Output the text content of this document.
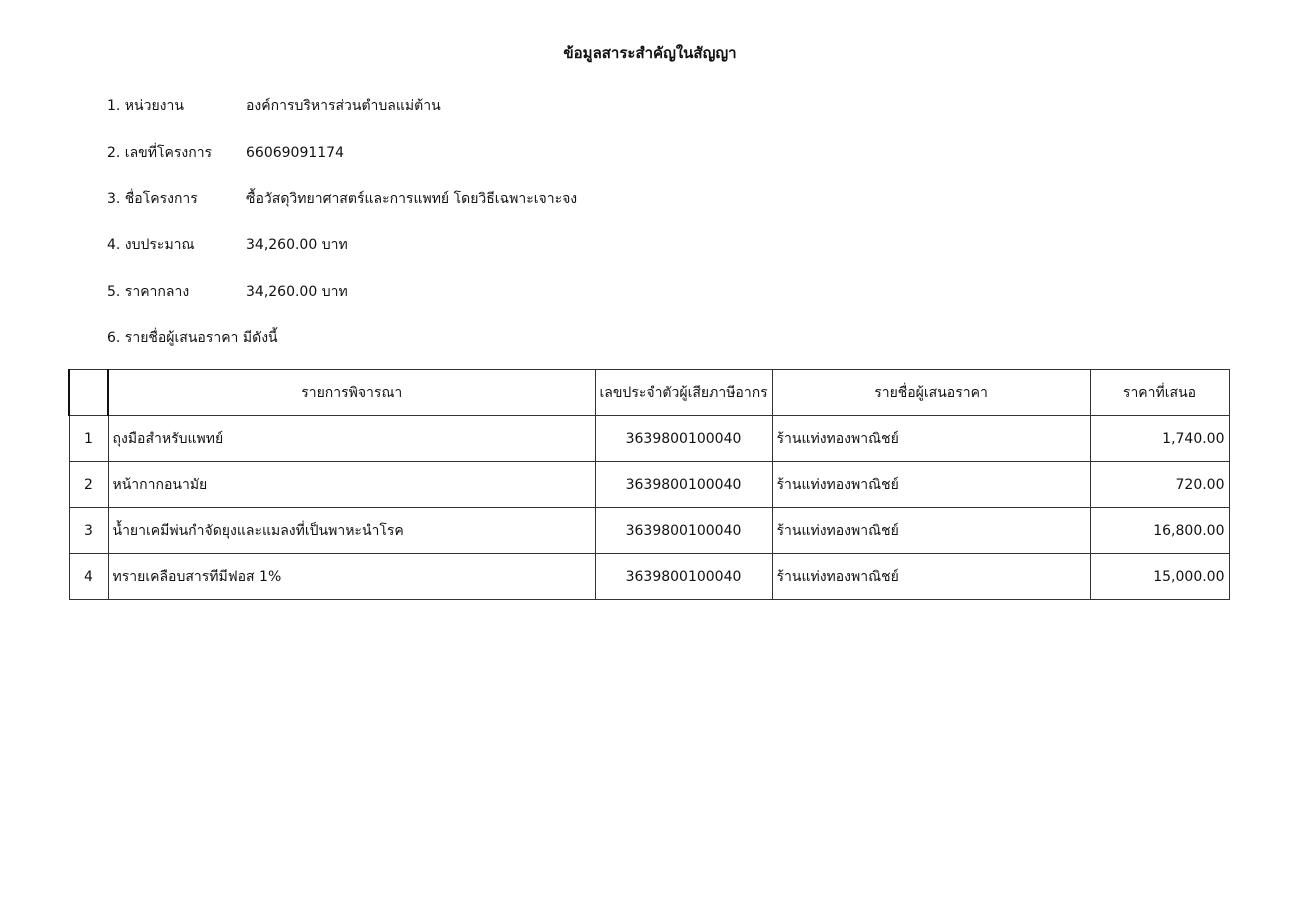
ข้อมูลสาระสำคัญในสัญญา
1. หน่วยงาน	องค์การบริหารส่วนตำบลแม่ต้าน
2. เลขที่โครงการ 66069091174
3. ชื่อโครงการ	ซื้อวัสดุวิทยาศาสตร์และการแพทย์ โดยวิธีเฉพาะเจาะจง
4. งบประมาณ	34,260.00 บาท
5. ราคากลาง	34,260.00 บาท
6. รายชื่อผู้เสนอราคา มีดังนี้
	รายการพิจารณา	เลขประจำตัวผู้เสียภาษีอากร	รายชื่อผู้เสนอราคา	ราคาที่เสนอ
1	ถุงมือสำหรับแพทย์	3639800100040	ร้านแท่งทองพาณิชย์	1,740.00
2	หน้ากากอนามัย	3639800100040	ร้านแท่งทองพาณิชย์	720.00
3	น้ำยาเคมีพ่นกำจัดยุงและแมลงที่เป็นพาหะนำโรค	3639800100040	ร้านแท่งทองพาณิชย์	16,800.00
4	ทรายเคลือบสารทีมีฟอส 1%	3639800100040	ร้านแท่งทองพาณิชย์	15,000.00
